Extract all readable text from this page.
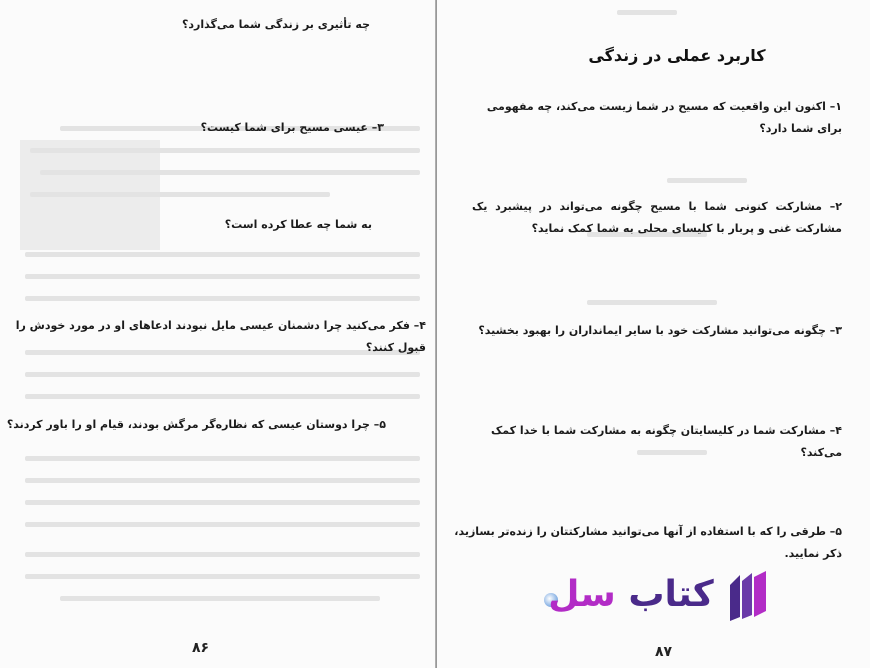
چه تأثیری بر زندگی شما می‌گذارد؟
۳– عیسی مسیح برای شما کیست؟
به شما چه عطا کرده است؟
۴– فکر می‌کنید چرا دشمنان عیسی مایل نبودند ادعاهای او در مورد خودش را قبول کنند؟
۵– چرا دوستان عیسی که نظاره‌گر مرگش بودند، قیام او را باور کردند؟
۸۶
کاربرد عملی در زندگی
۱– اکنون این واقعیت که مسیح در شما زیست می‌کند، چه مفهومی برای شما دارد؟
۲– مشارکت کنونی شما با مسیح چگونه می‌تواند در پیشبرد یک مشارکت غنی و پربار با کلیسای محلی به شما کمک نماید؟
۳– چگونه می‌توانید مشارکت خود با سایر ایمانداران را بهبود بخشید؟
۴– مشارکت شما در کلیسایتان چگونه به مشارکت شما با خدا کمک می‌کند؟
۵– طرقی را که با استفاده از آنها می‌توانید مشارکتتان را زنده‌تر بسازید، ذکر نمایید.
۸۷
کتاب سل
